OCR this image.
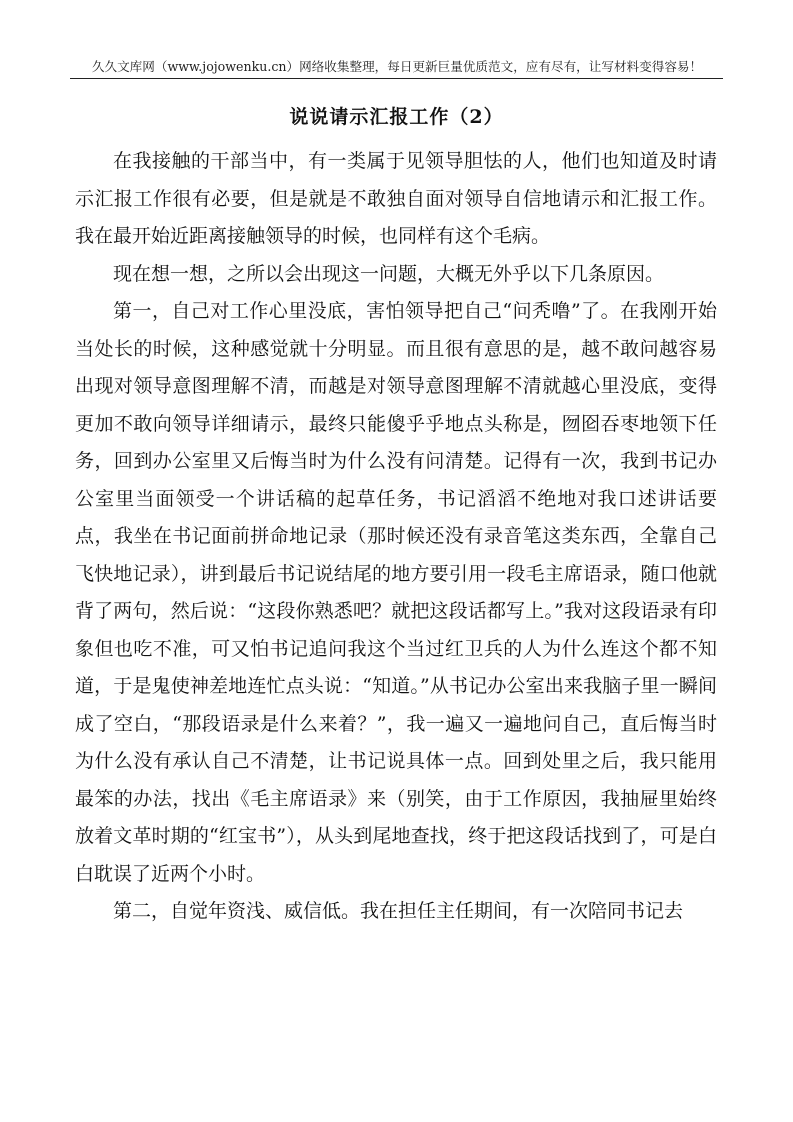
久久文库网（www.jojowenku.cn）网络收集整理，每日更新巨量优质范文，应有尽有，让写材料变得容易！
说说请示汇报工作（2）

在我接触的干部当中，有一类属于见领导胆怯的人，他们也知道及时请示汇报工作很有必要，但是就是不敢独自面对领导自信地请示和汇报工作。我在最开始近距离接触领导的时候，也同样有这个毛病。

现在想一想，之所以会出现这一问题，大概无外乎以下几条原因。

第一，自己对工作心里没底，害怕领导把自己“问秃噜”了。在我刚开始当处长的时候，这种感觉就十分明显。而且很有意思的是，越不敢问越容易出现对领导意图理解不清，而越是对领导意图理解不清就越心里没底，变得更加不敢向领导详细请示，最终只能傻乎乎地点头称是，囫囵吞枣地领下任务，回到办公室里又后悔当时为什么没有问清楚。记得有一次，我到书记办公室里当面领受一个讲话稿的起草任务，书记滔滔不绝地对我口述讲话要点，我坐在书记面前拼命地记录（那时候还没有录音笔这类东西，全靠自己飞快地记录），讲到最后书记说结尾的地方要引用一段毛主席语录，随口他就背了两句，然后说：“这段你熟悉吧？就把这段话都写上。”我对这段语录有印象但也吃不准，可又怕书记追问我这个当过红卫兵的人为什么连这个都不知道，于是鬼使神差地连忙点头说：“知道。”从书记办公室出来我脑子里一瞬间成了空白，“那段语录是什么来着？”，我一遍又一遍地问自己，直后悔当时为什么没有承认自己不清楚，让书记说具体一点。回到处里之后，我只能用最笨的办法，找出《毛主席语录》来（别笑，由于工作原因，我抽屉里始终放着文革时期的“红宝书”），从头到尾地查找，终于把这段话找到了，可是白白耽误了近两个小时。

第二，自觉年资浅、威信低。我在担任主任期间，有一次陪同书记去
